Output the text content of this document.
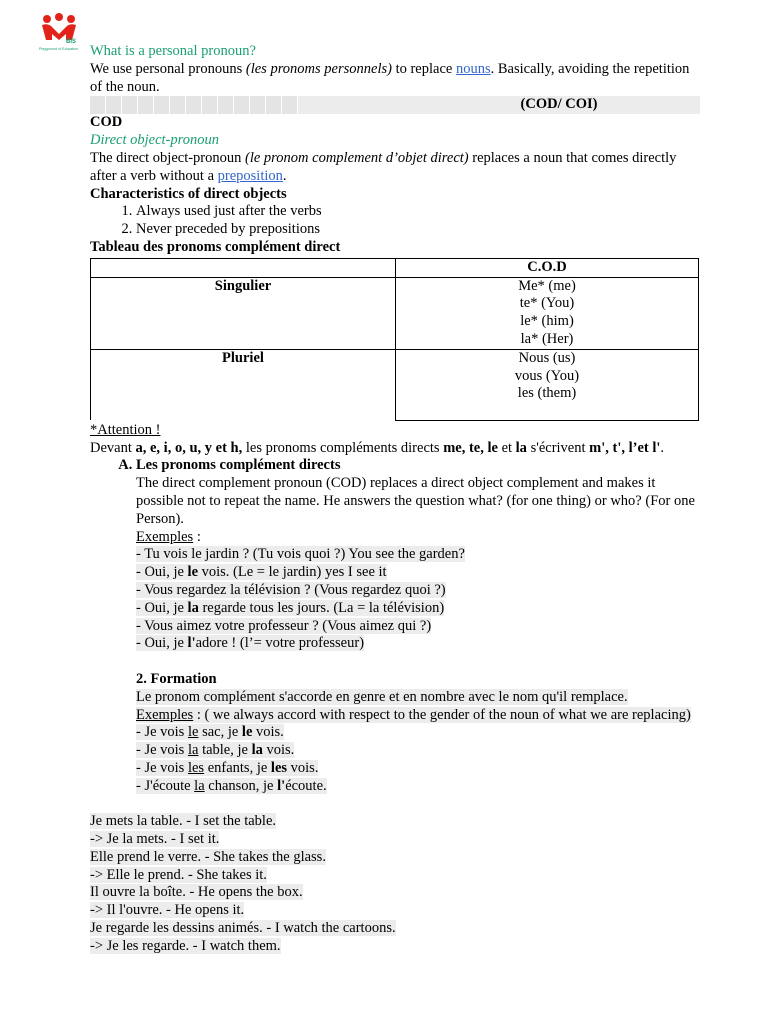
BIS
Playground of Education What is a personal pronoun?
We use personal pronouns (les pronoms personnels) to replace nouns. Basically, avoiding the repetition of the noun.
(COD/ COI)
COD
Direct object-pronoun
The direct object-pronoun (le pronom complement d’objet direct) replaces a noun that comes directly after a verb without a preposition.
Characteristics of direct objects
1. Always used just after the verbs
2. Never preceded by prepositions
Tableau des pronoms complément direct
	C.O.D
Singulier	Me* (me)
te* (You)
le* (him)
la* (Her)

Pluriel	Nous (us)
vous (You)
les (them)
*Attention !
Devant a, e, i, o, u, y et h, les pronoms compléments directs me, te, le et la s'écrivent m', t', l’et l'.
A. Les pronoms complément directs
The direct complement pronoun (COD) replaces a direct object complement and makes it possible not to repeat the name. He answers the question what? (for one thing) or who? (For one Person).
Exemples :
- Tu vois le jardin ? (Tu vois quoi ?) You see the garden?
- Oui, je le vois. (Le = le jardin) yes I see it
- Vous regardez la télévision ? (Vous regardez quoi ?)
- Oui, je la regarde tous les jours. (La = la télévision)
- Vous aimez votre professeur ? (Vous aimez qui ?)
- Oui, je l'adore ! (l’= votre professeur)
2. Formation
Le pronom complément s'accorde en genre et en nombre avec le nom qu'il remplace.
Exemples : ( we always accord with respect to the gender of the noun of what we are replacing)
- Je vois le sac, je le vois.
- Je vois la table, je la vois.
- Je vois les enfants, je les vois.
- J'écoute la chanson, je l'écoute.
Je mets la table. - I set the table.
-> Je la mets. - I set it.
Elle prend le verre. - She takes the glass.
-> Elle le prend. - She takes it.
Il ouvre la boîte. - He opens the box.
-> Il l'ouvre. - He opens it.
Je regarde les dessins animés. - I watch the cartoons.
-> Je les regarde. - I watch them.
